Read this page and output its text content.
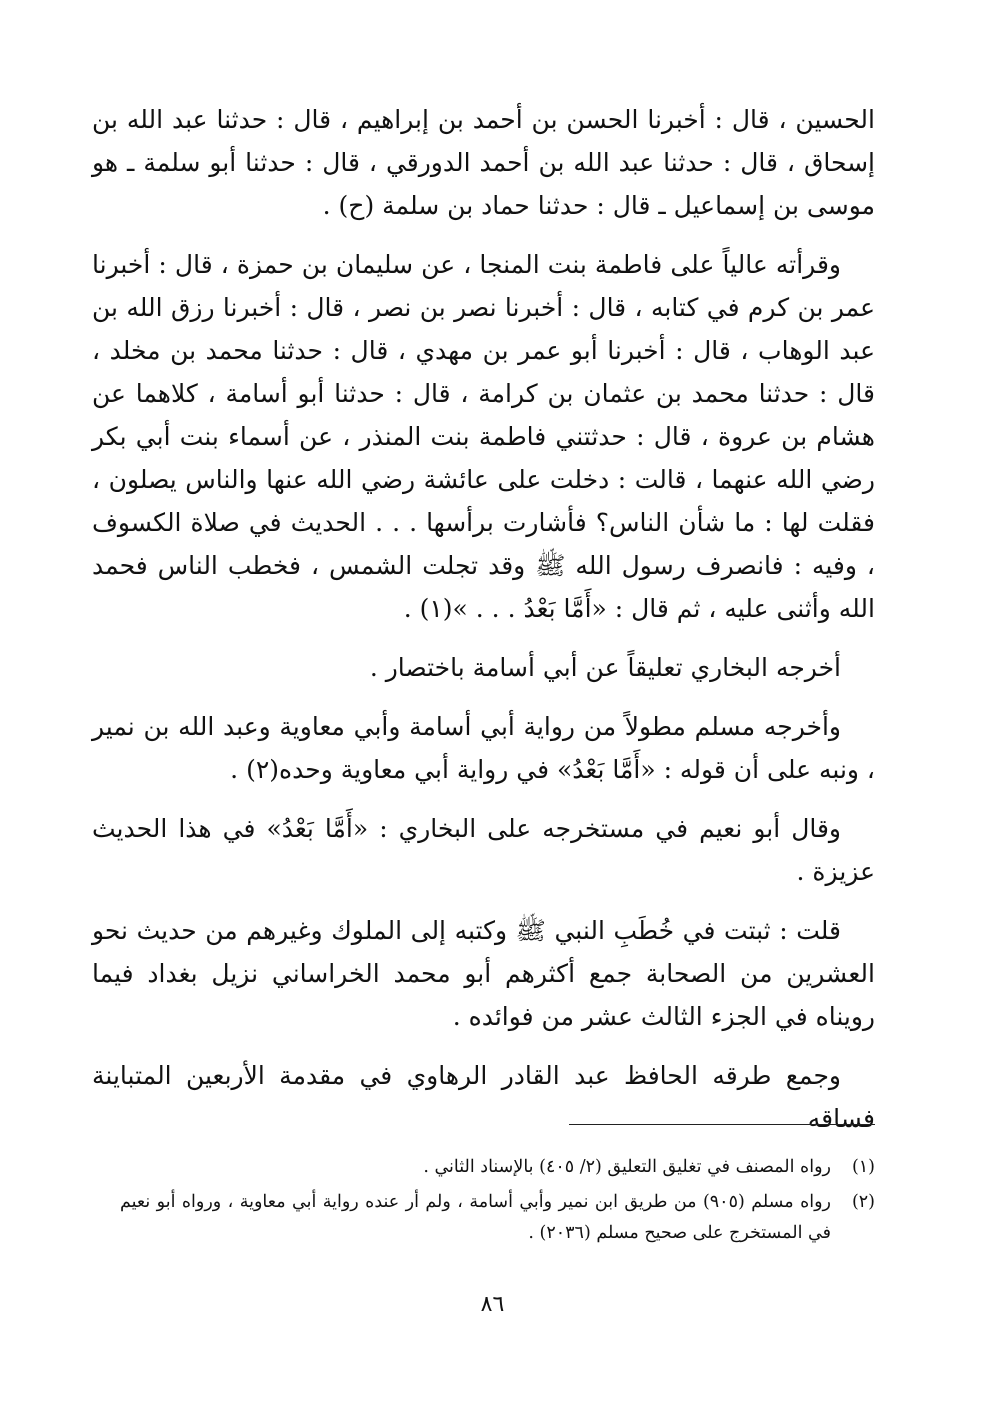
الحسين ، قال : أخبرنا الحسن بن أحمد بن إبراهيم ، قال : حدثنا عبد الله بن إسحاق ، قال : حدثنا عبد الله بن أحمد الدورقي ، قال : حدثنا أبو سلمة ـ هو موسى بن إسماعيل ـ قال : حدثنا حماد بن سلمة (ح) .

وقرأته عالياً على فاطمة بنت المنجا ، عن سليمان بن حمزة ، قال : أخبرنا عمر بن كرم في كتابه ، قال : أخبرنا نصر بن نصر ، قال : أخبرنا رزق الله بن عبد الوهاب ، قال : أخبرنا أبو عمر بن مهدي ، قال : حدثنا محمد بن مخلد ، قال : حدثنا محمد بن عثمان بن كرامة ، قال : حدثنا أبو أسامة ، كلاهما عن هشام بن عروة ، قال : حدثتني فاطمة بنت المنذر ، عن أسماء بنت أبي بكر رضي الله عنهما ، قالت : دخلت على عائشة رضي الله عنها والناس يصلون ، فقلت لها : ما شأن الناس؟ فأشارت برأسها . . . الحديث في صلاة الكسوف ، وفيه : فانصرف رسول الله ﷺ وقد تجلت الشمس ، فخطب الناس فحمد الله وأثنى عليه ، ثم قال : «أَمَّا بَعْدُ . . . »(١) .

أخرجه البخاري تعليقاً عن أبي أسامة باختصار .

وأخرجه مسلم مطولاً من رواية أبي أسامة وأبي معاوية وعبد الله بن نمير ، ونبه على أن قوله : «أَمَّا بَعْدُ» في رواية أبي معاوية وحده(٢) .

وقال أبو نعيم في مستخرجه على البخاري : «أَمَّا بَعْدُ» في هذا الحديث عزيزة .

قلت : ثبتت في خُطَبِ النبي ﷺ وكتبه إلى الملوك وغيرهم من حديث نحو العشرين من الصحابة جمع أكثرهم أبو محمد الخراساني نزيل بغداد فيما رويناه في الجزء الثالث عشر من فوائده .

وجمع طرقه الحافظ عبد القادر الرهاوي في مقدمة الأربعين المتباينة فساقه

(١)
رواه المصنف في تغليق التعليق (٢/ ٤٠٥) بالإسناد الثاني .
(٢)
رواه مسلم (٩٠٥) من طريق ابن نمير وأبي أسامة ، ولم أر عنده رواية أبي معاوية ، ورواه أبو نعيم في المستخرج على صحيح مسلم (٢٠٣٦) .
٨٦
